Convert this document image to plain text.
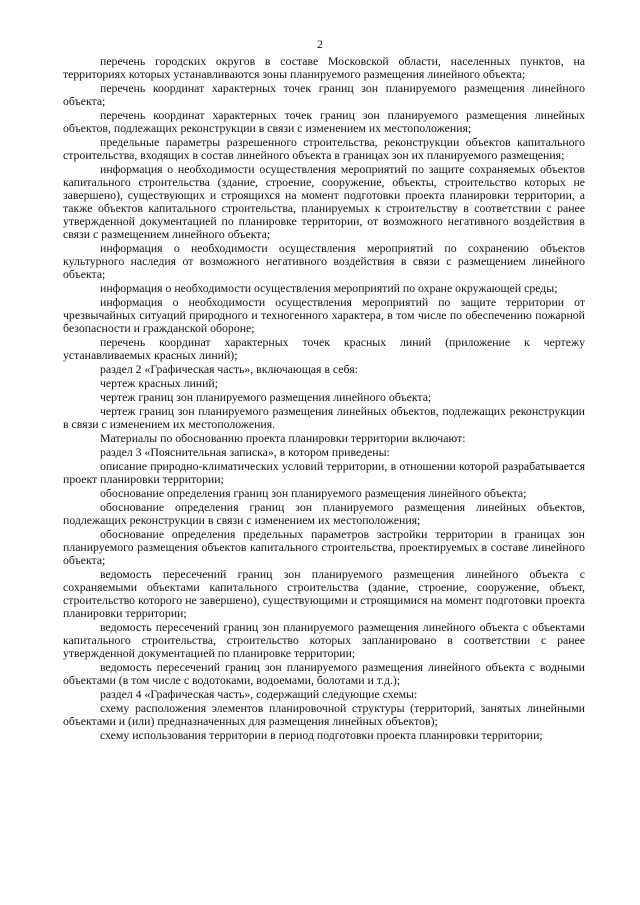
2

перечень городских округов в составе Московской области, населенных пунктов, на территориях которых устанавливаются зоны планируемого размещения линейного объекта;

перечень координат характерных точек границ зон планируемого размещения линейного объекта;

перечень координат характерных точек границ зон планируемого размещения линейных объектов, подлежащих реконструкции в связи с изменением их местоположения;

предельные параметры разрешенного строительства, реконструкции объектов капитального строительства, входящих в состав линейного объекта в границах зон их планируемого размещения;

информация о необходимости осуществления мероприятий по защите сохраняемых объектов капитального строительства (здание, строение, сооружение, объекты, строительство которых не завершено), существующих и строящихся на момент подготовки проекта планировки территории, а также объектов капитального строительства, планируемых к строительству в соответствии с ранее утвержденной документацией по планировке территории, от возможного негативного воздействия в связи с размещением линейного объекта;

информация о необходимости осуществления мероприятий по сохранению объектов культурного наследия от возможного негативного воздействия в связи с размещением линейного объекта;

информация о необходимости осуществления мероприятий по охране окружающей среды;

информация о необходимости осуществления мероприятий по защите территории от чрезвычайных ситуаций природного и техногенного характера, в том числе по обеспечению пожарной безопасности и гражданской обороне;

перечень координат характерных точек красных линий (приложение к чертежу устанавливаемых красных линий);

раздел 2 «Графическая часть», включающая в себя:

чертеж красных линий;

чертеж границ зон планируемого размещения линейного объекта;

чертеж границ зон планируемого размещения линейных объектов, подлежащих реконструкции в связи с изменением их местоположения.

Материалы по обоснованию проекта планировки территории включают:

раздел 3 «Пояснительная записка», в котором приведены:

описание природно-климатических условий территории, в отношении которой разрабатывается проект планировки территории;

обоснование определения границ зон планируемого размещения линейного объекта;

обоснование определения границ зон планируемого размещения линейных объектов, подлежащих реконструкции в связи с изменением их местоположения;

обоснование определения предельных параметров застройки территории в границах зон планируемого размещения объектов капитального строительства, проектируемых в составе линейного объекта;

ведомость пересечений границ зон планируемого размещения линейного объекта с сохраняемыми объектами капитального строительства (здание, строение, сооружение, объект, строительство которого не завершено), существующими и строящимися на момент подготовки проекта планировки территории;

ведомость пересечений границ зон планируемого размещения линейного объекта с объектами капитального строительства, строительство которых запланировано в соответствии с ранее утвержденной документацией по планировке территории;

ведомость пересечений границ зон планируемого размещения линейного объекта с водными объектами (в том числе с водотоками, водоемами, болотами и т.д.);

раздел 4 «Графическая часть», содержащий следующие схемы:

схему расположения элементов планировочной структуры (территорий, занятых линейными объектами и (или) предназначенных для размещения линейных объектов);

схему использования территории в период подготовки проекта планировки территории;
